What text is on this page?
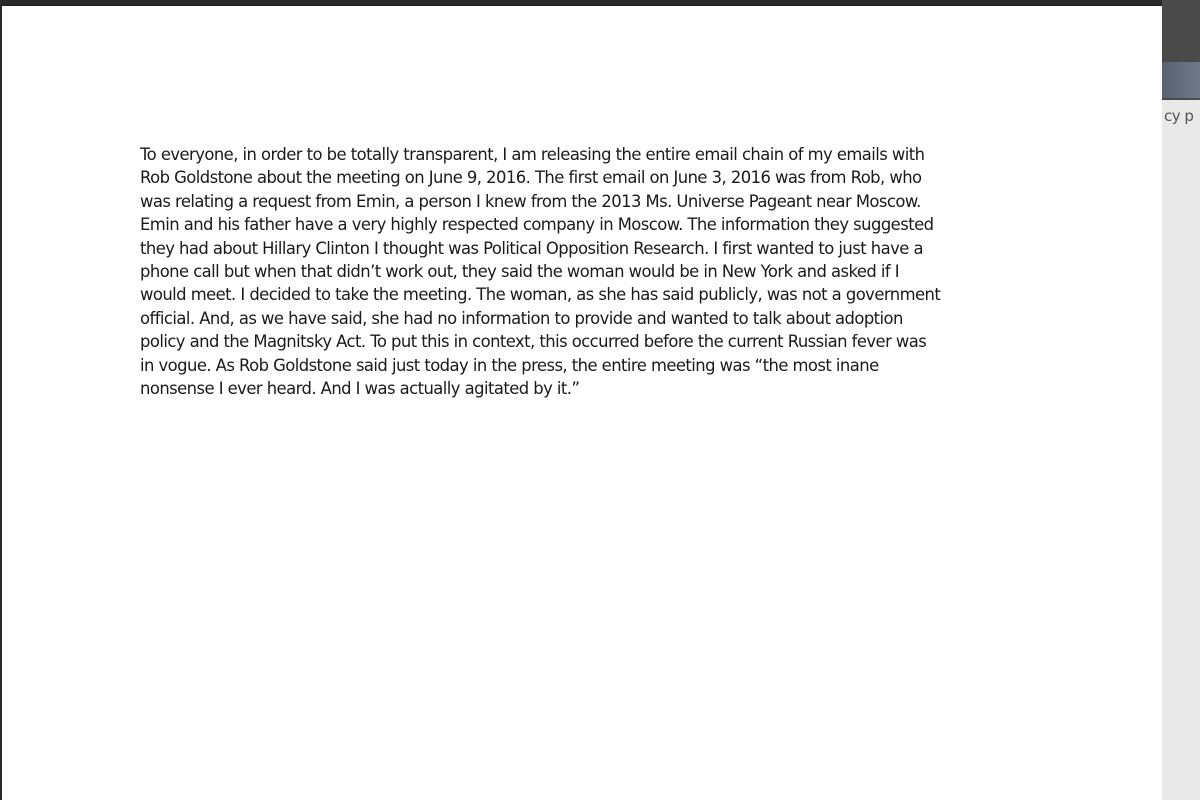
To everyone, in order to be totally transparent, I am releasing the entire email chain of my emails with
Rob Goldstone about the meeting on June 9, 2016. The first email on June 3, 2016 was from Rob, who
was relating a request from Emin, a person I knew from the 2013 Ms. Universe Pageant near Moscow.
Emin and his father have a very highly respected company in Moscow. The information they suggested
they had about Hillary Clinton I thought was Political Opposition Research. I first wanted to just have a
phone call but when that didn’t work out, they said the woman would be in New York and asked if I
would meet. I decided to take the meeting. The woman, as she has said publicly, was not a government
official. And, as we have said, she had no information to provide and wanted to talk about adoption
policy and the Magnitsky Act. To put this in context, this occurred before the current Russian fever was
in vogue. As Rob Goldstone said just today in the press, the entire meeting was “the most inane
nonsense I ever heard. And I was actually agitated by it.”

cy p
